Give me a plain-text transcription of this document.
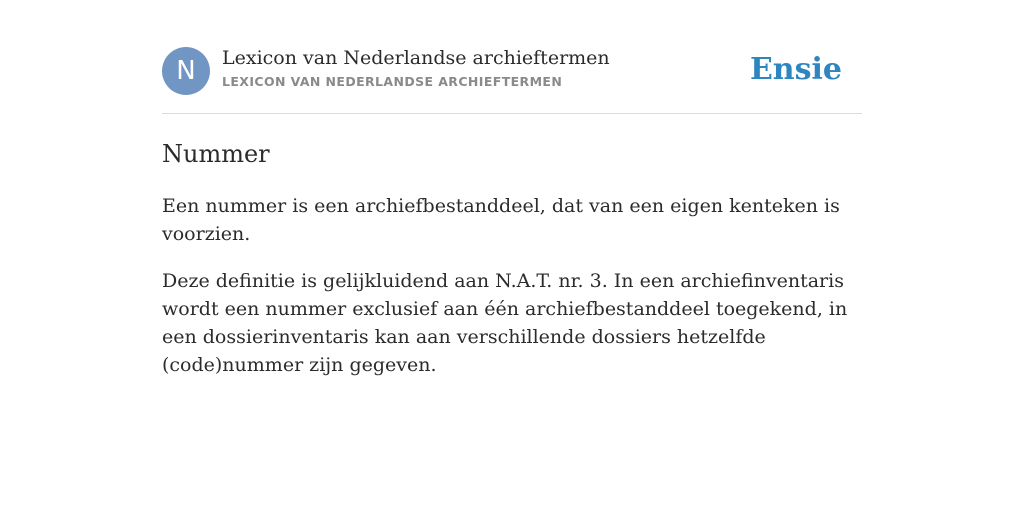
N	Lexicon van Nederlandse archieftermen
LEXICON VAN NEDERLANDSE ARCHIEFTERMEN	Ensie
Nummer

Een nummer is een archiefbestanddeel, dat van een eigen kenteken is voorzien.

Deze definitie is gelijkluidend aan N.A.T. nr. 3. In een archiefinventaris wordt een nummer exclusief aan één archiefbestanddeel toegekend, in een dossierinventaris kan aan verschillende dossiers hetzelfde (code)nummer zijn gegeven.
